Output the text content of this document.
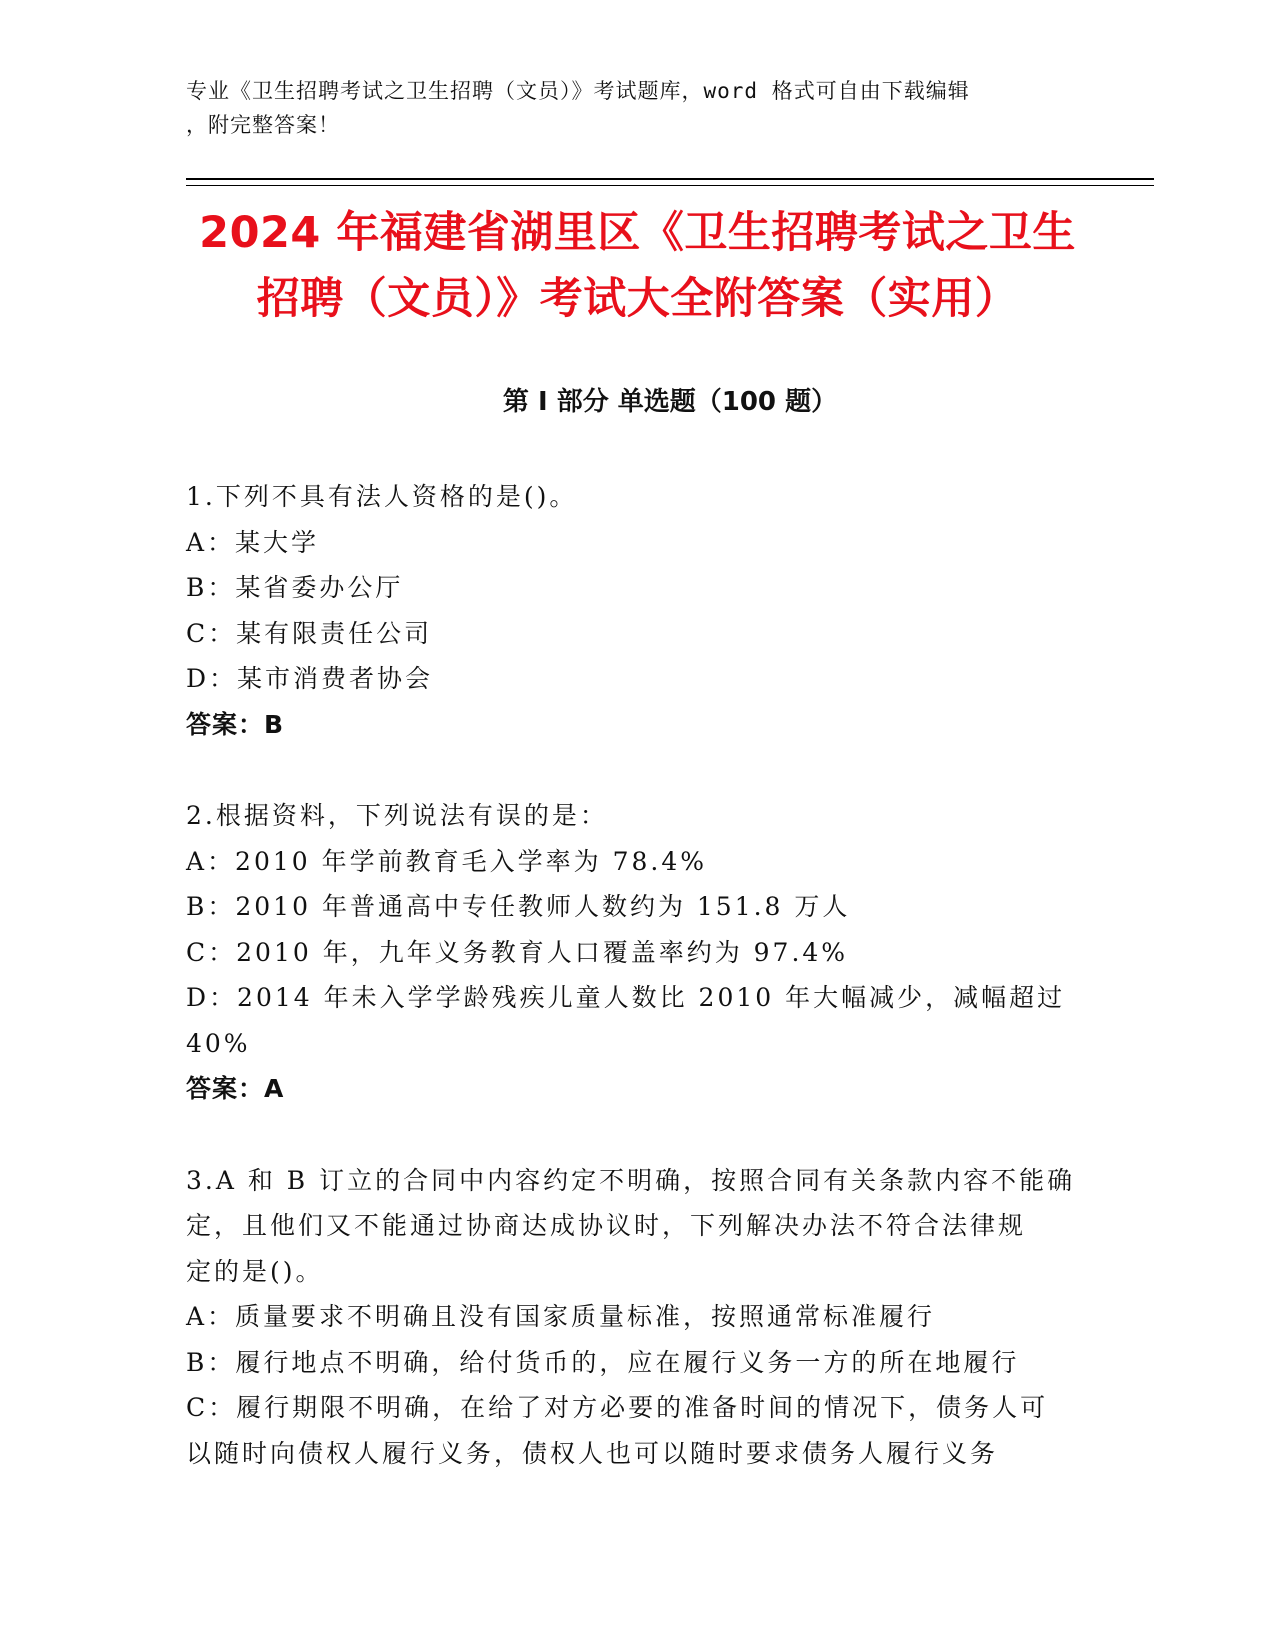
专业《卫生招聘考试之卫生招聘（文员）》考试题库，word 格式可自由下载编辑
，附完整答案！
2024 年福建省湖里区《卫生招聘考试之卫生
招聘（文员）》考试大全附答案（实用）
第 I 部分 单选题（100 题）
1.下列不具有法人资格的是()。
A：某大学
B：某省委办公厅
C：某有限责任公司
D：某市消费者协会
答案：B
2.根据资料，下列说法有误的是：
A：2010 年学前教育毛入学率为 78.4%
B：2010 年普通高中专任教师人数约为 151.8 万人
C：2010 年，九年义务教育人口覆盖率约为 97.4%
D：2014 年未入学学龄残疾儿童人数比 2010 年大幅减少，减幅超过
40%
答案：A
3.A 和 B 订立的合同中内容约定不明确，按照合同有关条款内容不能确
定，且他们又不能通过协商达成协议时，下列解决办法不符合法律规
定的是()。
A：质量要求不明确且没有国家质量标准，按照通常标准履行
B：履行地点不明确，给付货币的，应在履行义务一方的所在地履行
C：履行期限不明确，在给了对方必要的准备时间的情况下，债务人可
以随时向债权人履行义务，债权人也可以随时要求债务人履行义务
